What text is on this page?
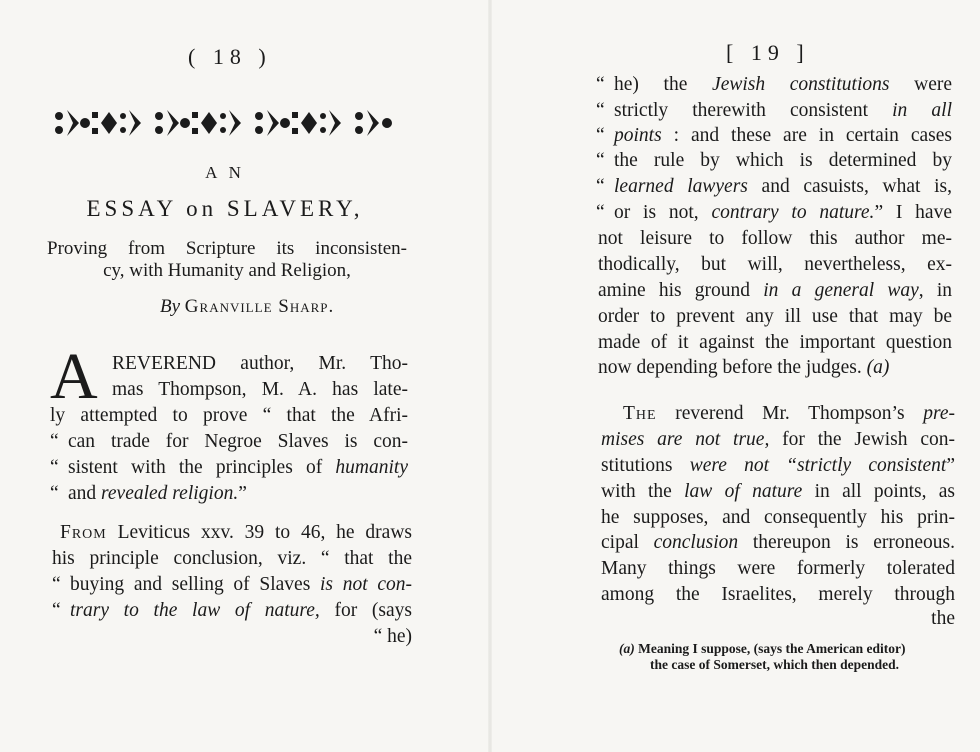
( 18 )
A N
ESSAY on SLAVERY,
Proving from Scripture its inconsisten-
cy, with Humanity and Religion,
By Granville Sharp.
A REVEREND author, Mr. Tho-
mas Thompson, M. A. has late-
ly attempted to prove “ that the Afri-
“ can trade for Negroe Slaves is con-
“ sistent with the principles of humanity
“ and revealed religion.”
From Leviticus xxv. 39 to 46, he draws
his principle conclusion, viz. “ that the
“ buying and selling of Slaves is not con-
“ trary to the law of nature, for (says
“ he)
[ 19 ]
“ he) the Jewish constitutions were
“ strictly therewith consistent in all
“ points : and these are in certain cases
“ the rule by which is determined by
“ learned lawyers and casuists, what is,
“ or is not, contrary to nature.” I have
not leisure to follow this author me-
thodically, but will, nevertheless, ex-
amine his ground in a general way, in
order to prevent any ill use that may be
made of it against the important question
now depending before the judges. (a)
The reverend Mr. Thompson’s pre-
mises are not true, for the Jewish con-
stitutions were not “strictly consistent”
with the law of nature in all points, as
he supposes, and consequently his prin-
cipal conclusion thereupon is erroneous.
Many things were formerly tolerated
among the Israelites, merely through
the
(a) Meaning I suppose, (says the American editor)
the case of Somerset, which then depended.
